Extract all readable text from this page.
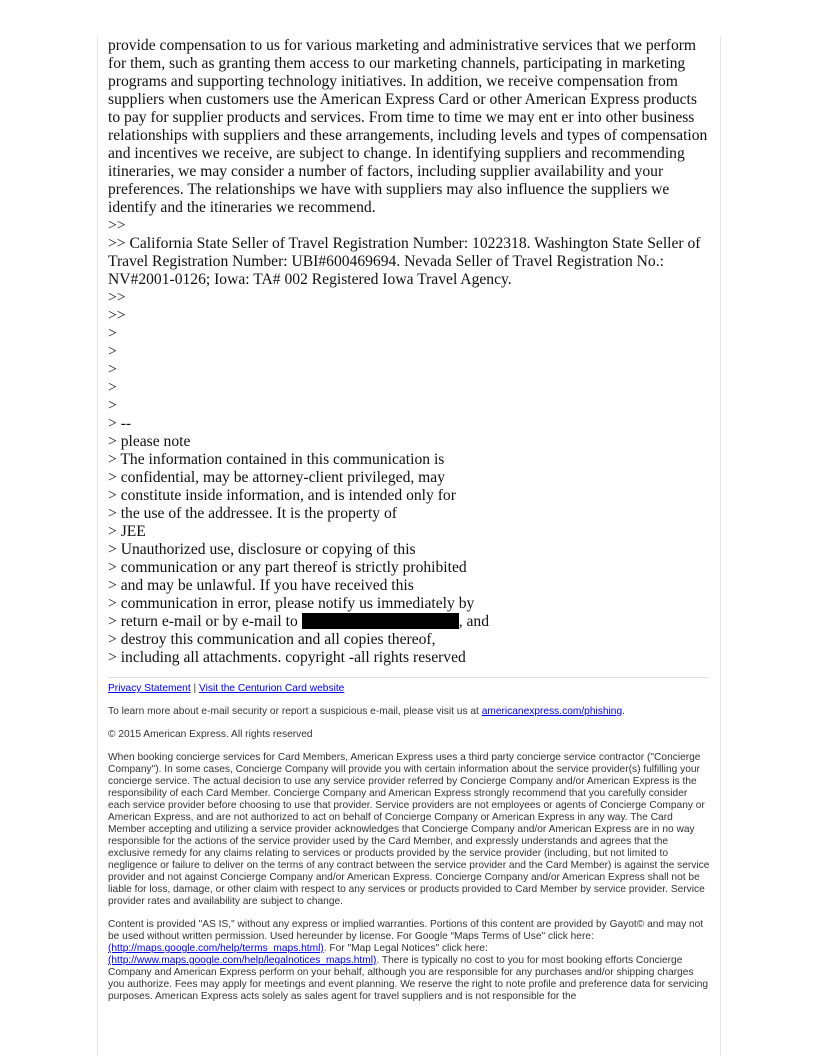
provide compensation to us for various marketing and administrative services that we perform for them, such as granting them access to our marketing channels, participating in marketing programs and supporting technology initiatives. In addition, we receive compensation from suppliers when customers use the American Express Card or other American Express products to pay for supplier products and services. From time to time we may ent er into other business relationships with suppliers and these arrangements, including levels and types of compensation and incentives we receive, are subject to change. In identifying suppliers and recommending itineraries, we may consider a number of factors, including supplier availability and your preferences. The relationships we have with suppliers may also influence the suppliers we identify and the itineraries we recommend.

>>

>> California State Seller of Travel Registration Number: 1022318. Washington State Seller of Travel Registration Number: UBI#600469694. Nevada Seller of Travel Registration No.: NV#2001-0126; Iowa: TA# 002 Registered Iowa Travel Agency.

>>

>>

>

>

>

>

>

> --

> please note

> The information contained in this communication is

> confidential, may be attorney-client privileged, may

> constitute inside information, and is intended only for

> the use of the addressee. It is the property of

> JEE

> Unauthorized use, disclosure or copying of this

> communication or any part thereof is strictly prohibited

> and may be unlawful. If you have received this

> communication in error, please notify us immediately by

> return e-mail or by e-mail to	, and

> destroy this communication and all copies thereof,

> including all attachments. copyright -all rights reserved

Privacy Statement | Visit the Centurion Card website

To learn more about e-mail security or report a suspicious e-mail, please visit us at americanexpress.com/phishing.

© 2015 American Express. All rights reserved

When booking concierge services for Card Members, American Express uses a third party concierge service contractor ("Concierge Company"). In some cases, Concierge Company will provide you with certain information about the service provider(s) fulfilling your concierge service. The actual decision to use any service provider referred by Concierge Company and/or American Express is the responsibility of each Card Member. Concierge Company and American Express strongly recommend that you carefully consider each service provider before choosing to use that provider. Service providers are not employees or agents of Concierge Company or American Express, and are not authorized to act on behalf of Concierge Company or American Express in any way. The Card Member accepting and utilizing a service provider acknowledges that Concierge Company and/or American Express are in no way responsible for the actions of the service provider used by the Card Member, and expressly understands and agrees that the exclusive remedy for any claims relating to services or products provided by the service provider (including, but not limited to negligence or failure to deliver on the terms of any contract between the service provider and the Card Member) is against the service provider and not against Concierge Company and/or American Express. Concierge Company and/or American Express shall not be liable for loss, damage, or other claim with respect to any services or products provided to Card Member by service provider. Service provider rates and availability are subject to change.

Content is provided "AS IS," without any express or implied warranties. Portions of this content are provided by Gayot© and may not be used without written permission. Used hereunder by license. For Google “Maps Terms of Use" click here: (http://maps.google.com/help/terms_maps.html). For "Map Legal Notices" click here: (http://www.maps.google.com/help/legalnotices_maps.html). There is typically no cost to you for most booking efforts Concierge Company and American Express perform on your behalf, although you are responsible for any purchases and/or shipping charges you authorize. Fees may apply for meetings and event planning. We reserve the right to note profile and preference data for servicing purposes. American Express acts solely as sales agent for travel suppliers and is not responsible for the
